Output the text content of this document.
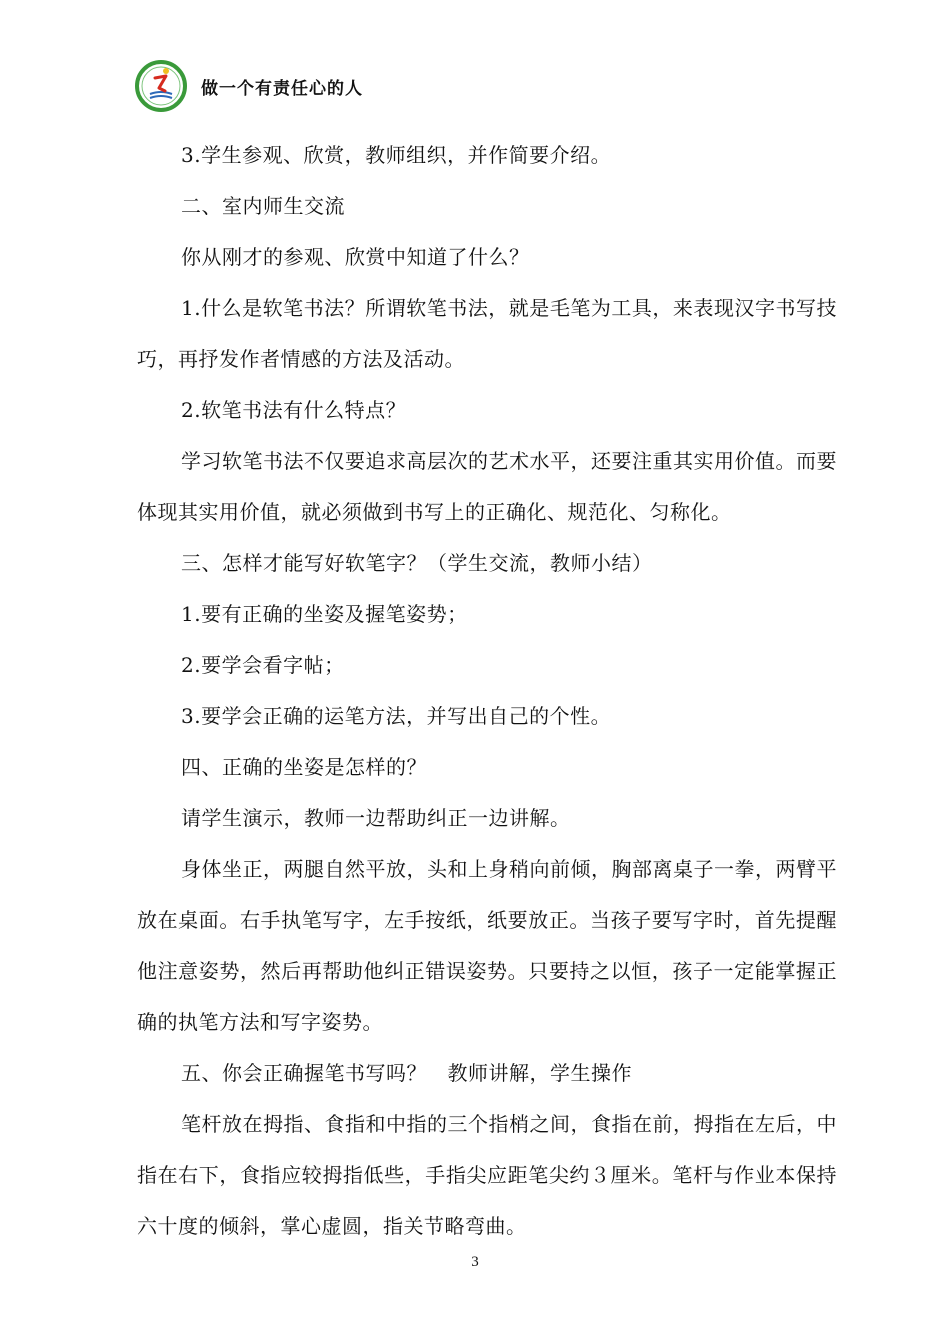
做一个有责任心的人

3.学生参观、欣赏，教师组织，并作简要介绍。

二、室内师生交流

你从刚才的参观、欣赏中知道了什么？

1.什么是软笔书法？所谓软笔书法，就是毛笔为工具，来表现汉字书写技巧，再抒发作者情感的方法及活动。

2.软笔书法有什么特点？

学习软笔书法不仅要追求高层次的艺术水平，还要注重其实用价值。而要体现其实用价值，就必须做到书写上的正确化、规范化、匀称化。

三、怎样才能写好软笔字？（学生交流，教师小结）

1.要有正确的坐姿及握笔姿势；

2.要学会看字帖；

3.要学会正确的运笔方法，并写出自己的个性。

四、正确的坐姿是怎样的？

请学生演示，教师一边帮助纠正一边讲解。

身体坐正，两腿自然平放，头和上身稍向前倾，胸部离桌子一拳，两臂平放在桌面。右手执笔写字，左手按纸，纸要放正。当孩子要写字时，首先提醒他注意姿势，然后再帮助他纠正错误姿势。只要持之以恒，孩子一定能掌握正确的执笔方法和写字姿势。

五、你会正确握笔书写吗？　教师讲解，学生操作

笔杆放在拇指、食指和中指的三个指梢之间，食指在前，拇指在左后，中指在右下，食指应较拇指低些，手指尖应距笔尖约３厘米。笔杆与作业本保持六十度的倾斜，掌心虚圆，指关节略弯曲。

3
